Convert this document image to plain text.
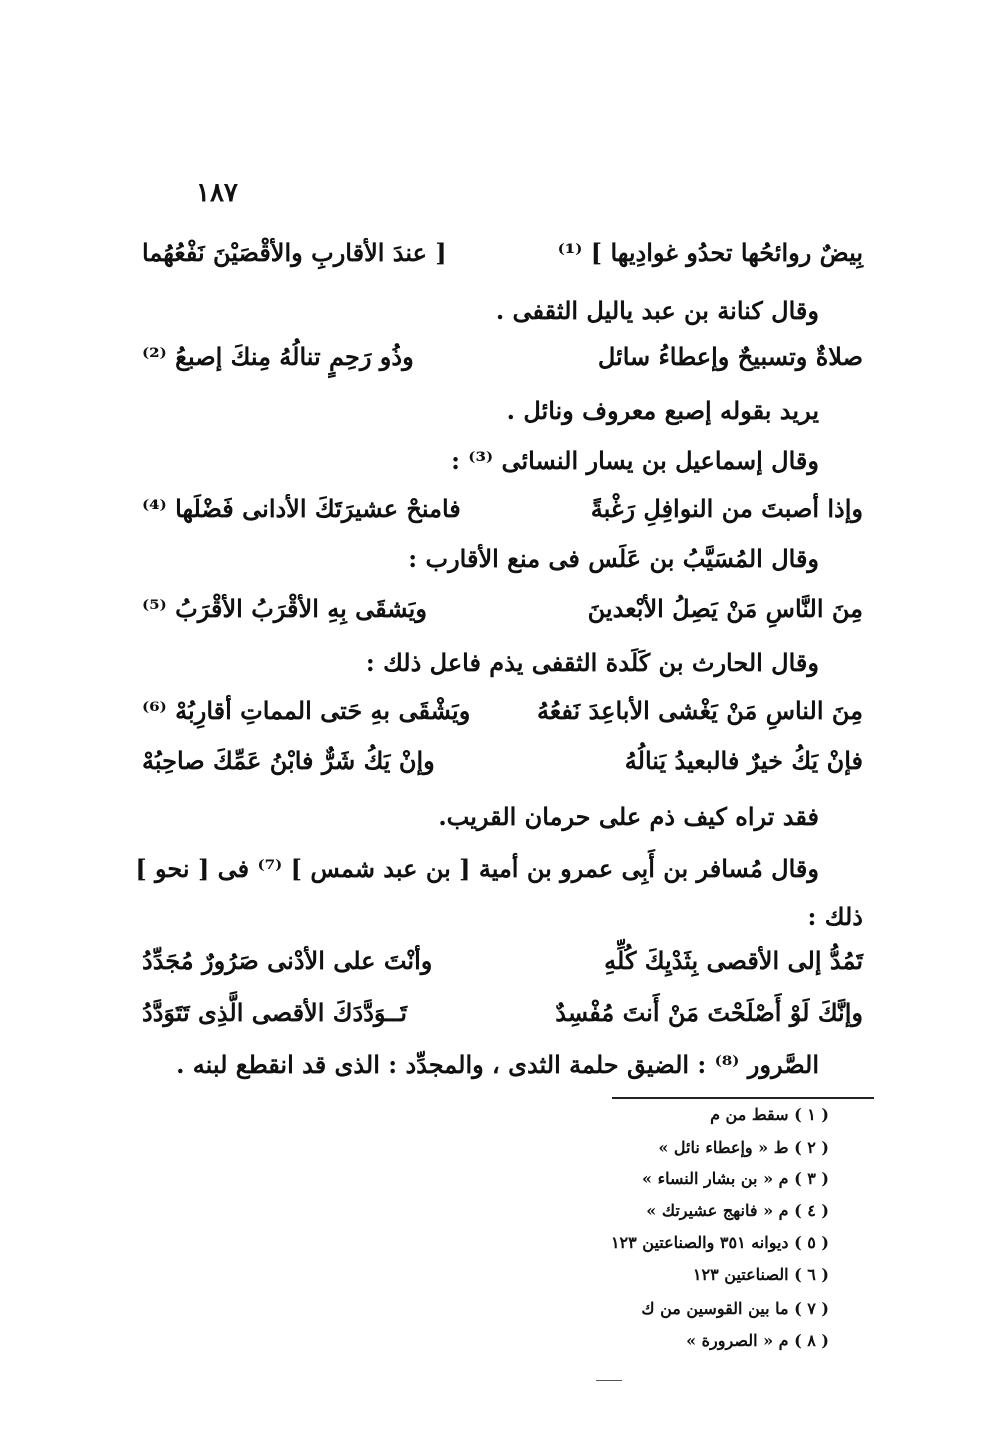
١٨٧
بِيضٌ روائحُها تحدُو غوادِيها ] ⁽¹⁾
[ عندَ الأقاربِ والأقْصَيْنَ نَفْعُهُما
وقال كنانة بن عبد ياليل الثقفى .
صلاةٌ وتسبيحٌ وإعطاءُ سائل
وذُو رَحِمٍ تنالُهُ مِنكَ إصبعُ ⁽²⁾
يريد بقوله إصبع معروف ونائل .
وقال إسماعيل بن يسار النسائى ⁽³⁾ :
وإذا أصبتَ من النوافِلِ رَغْبةً
فامنحْ عشيرَتَكَ الأدانى فَضْلَها ⁽⁴⁾
وقال المُسَيَّبُ بن عَلَس فى منع الأقارب :
مِنَ النَّاسِ مَنْ يَصِلُ الأبْعدينَ
ويَشقَى بِهِ الأقْرَبُ الأقْرَبُ ⁽⁵⁾
وقال الحارث بن كَلَدة الثقفى يذم فاعل ذلك :
مِنَ الناسِ مَنْ يَغْشى الأباعِدَ نَفعُهُ
ويَشْقَى بهِ حَتى المماتِ أقارِبُهْ ⁽⁶⁾
فإنْ يَكُ خيرٌ فالبعيدُ يَنالُهُ
وإنْ يَكُ شَرٌّ فابْنُ عَمِّكَ صاحِبُهْ
فقد تراه كيف ذم على حرمان القريب.
وقال مُسافر بن أَبِى عمرو بن أمية [ بن عبد شمس ] ⁽⁷⁾ فى [ نحو ]
ذلك :
تَمُدُّ إلى الأقصى بِثَدْيِكَ كُلِّهِ
وأنْتَ على الأدْنى صَرُورٌ مُجَدِّدُ
وإنَّكَ لَوْ أَصْلَحْتَ مَنْ أَنتَ مُفْسِدٌ
تَــوَدَّدَكَ الأقصى الَّذِى تَتَوَدَّدُ
الصَّرور ⁽⁸⁾ : الضيق حلمة الثدى ، والمجدِّد : الذى قد انقطع لبنه .
( ١ ) سقط من م
( ٢ ) ط « وإعطاء نائل »
( ٣ ) م « بن بشار النساء »
( ٤ ) م « فانهج عشيرتك »
( ٥ ) ديوانه ٣٥١ والصناعتين ١٢٣
( ٦ ) الصناعتين ١٢٣
( ٧ ) ما بين القوسين من ك
( ٨ ) م « الصرورة »
